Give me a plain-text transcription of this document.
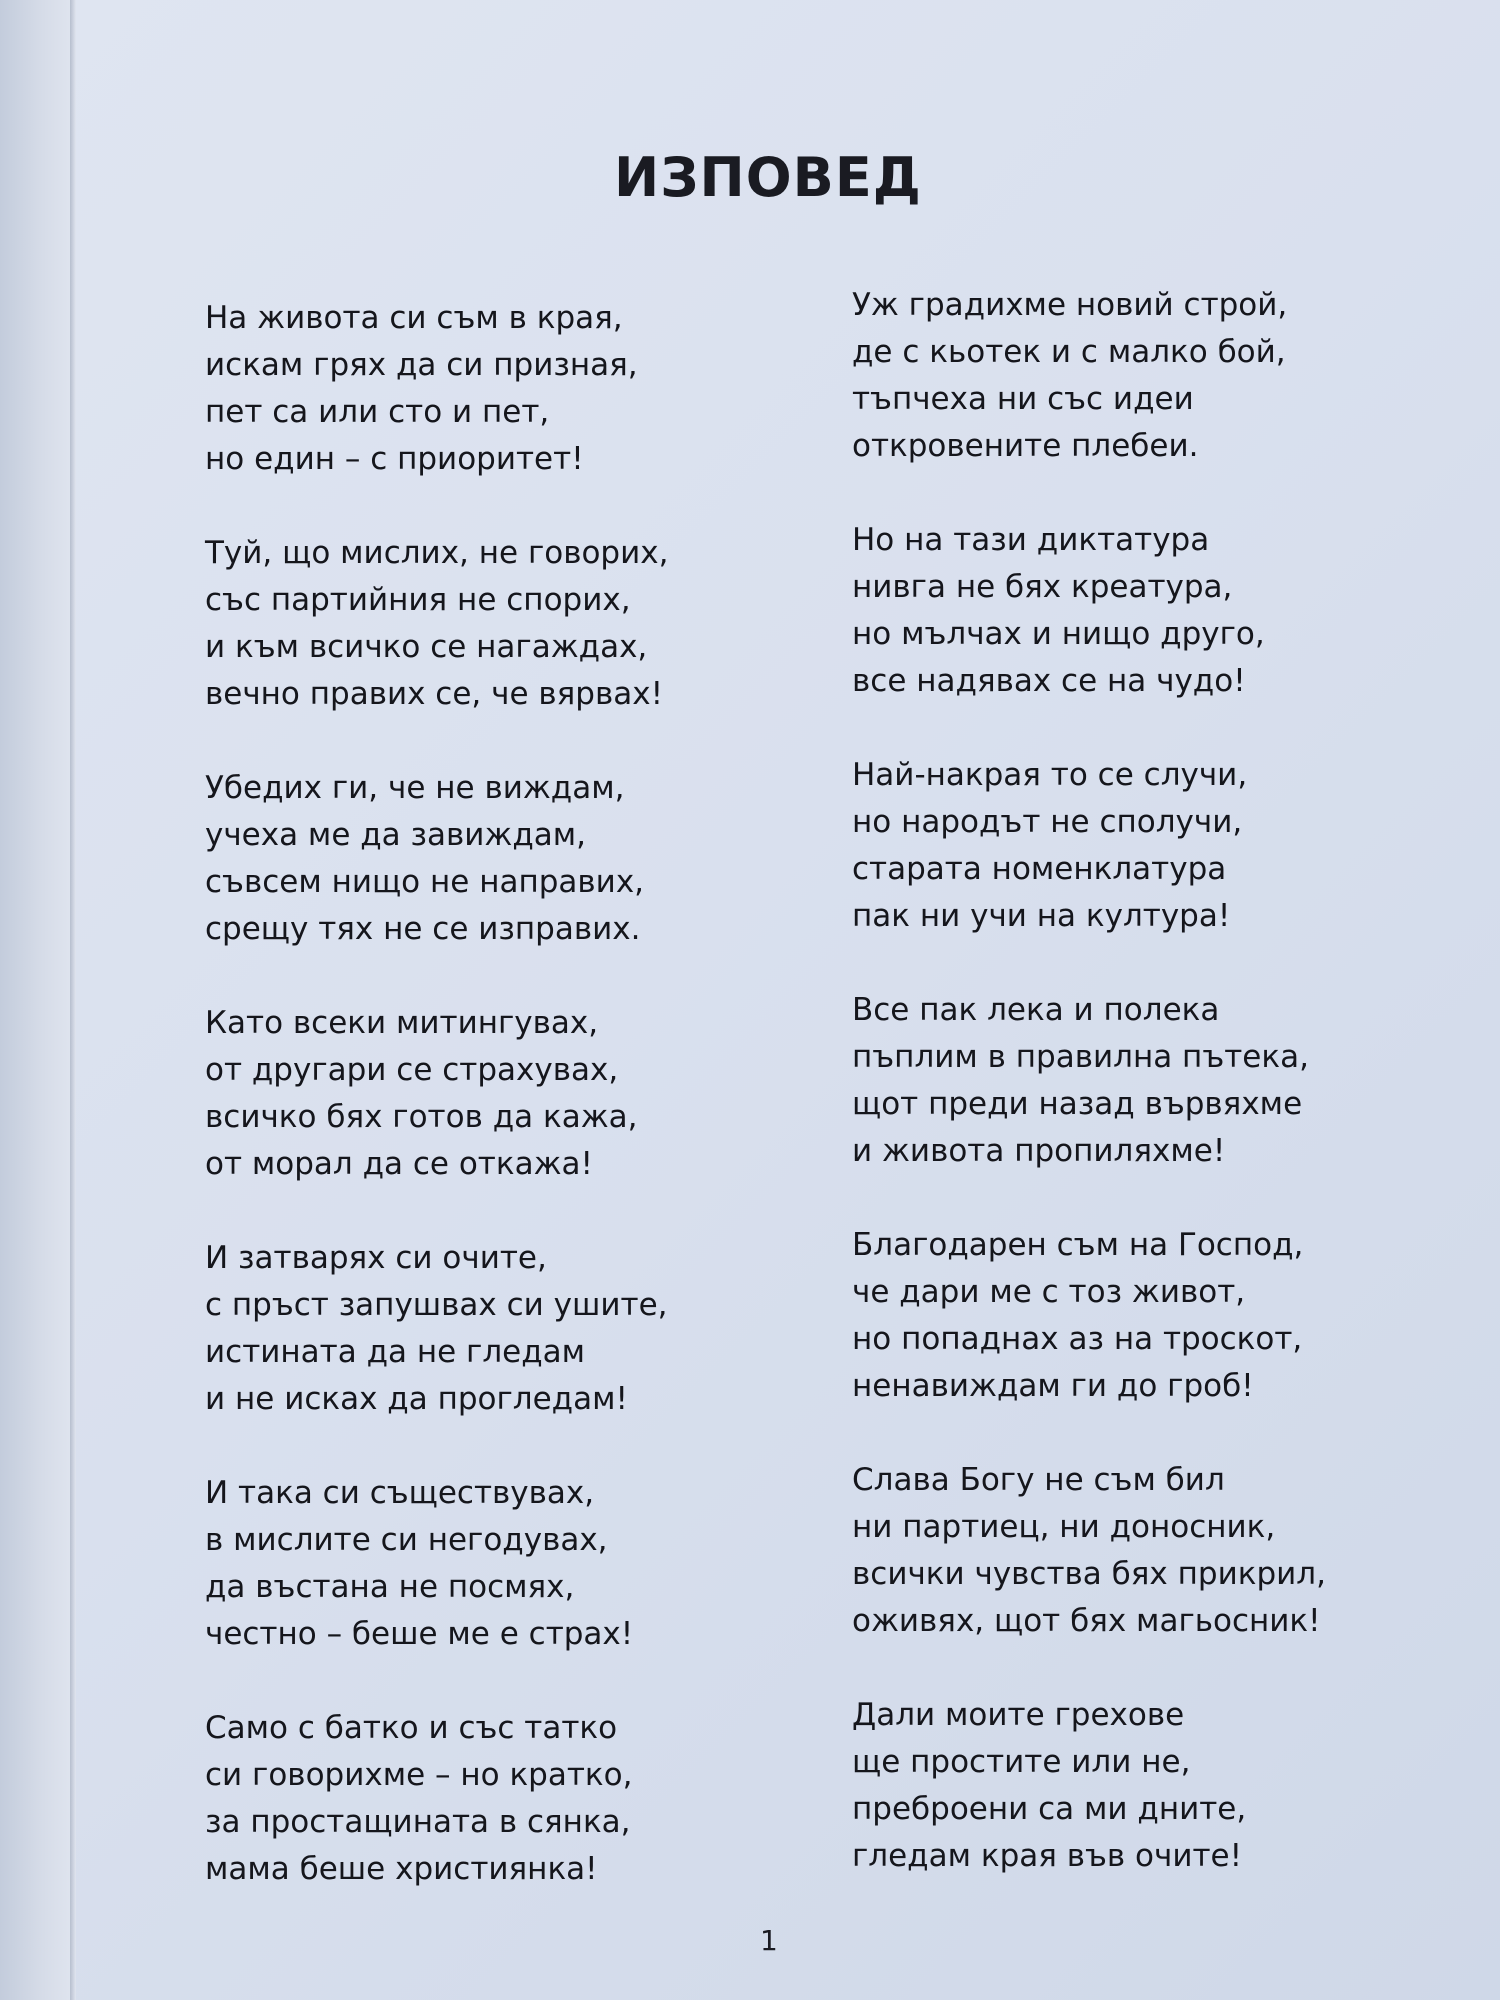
ИЗПОВЕД
На живота си съм в края,
искам грях да си призная,
пет са или сто и пет,
но един – с приоритет!
Туй, що мислих, не говорих,
със партийния не спорих,
и към всичко се нагаждах,
вечно правих се, че вярвах!
Убедих ги, че не виждам,
учеха ме да завиждам,
съвсем нищо не направих,
срещу тях не се изправих.
Като всеки митингувах,
от другари се страхувах,
всичко бях готов да кажа,
от морал да се откажа!
И затварях си очите,
с пръст запушвах си ушите,
истината да не гледам
и не исках да прогледам!
И така си съществувах,
в мислите си негодувах,
да въстана не посмях,
честно – беше ме е страх!
Само с батко и със татко
си говорихме – но кратко,
за простащината в сянка,
мама беше християнка!
Уж градихме новий строй,
де с кьотек и с малко бой,
тъпчеха ни със идеи
откровените плебеи.
Но на тази диктатура
нивга не бях креатура,
но мълчах и нищо друго,
все надявах се на чудо!
Най-накрая то се случи,
но народът не сполучи,
старата номенклатура
пак ни учи на култура!
Все пак лека и полека
пъплим в правилна пътека,
щот преди назад вървяхме
и живота пропиляхме!
Благодарен съм на Господ,
че дари ме с тоз живот,
но попаднах аз на троскот,
ненавиждам ги до гроб!
Слава Богу не съм бил
ни партиец, ни доносник,
всички чувства бях прикрил,
оживях, щот бях магьосник!
Дали моите грехове
ще простите или не,
преброени са ми дните,
гледам края във очите!
1
